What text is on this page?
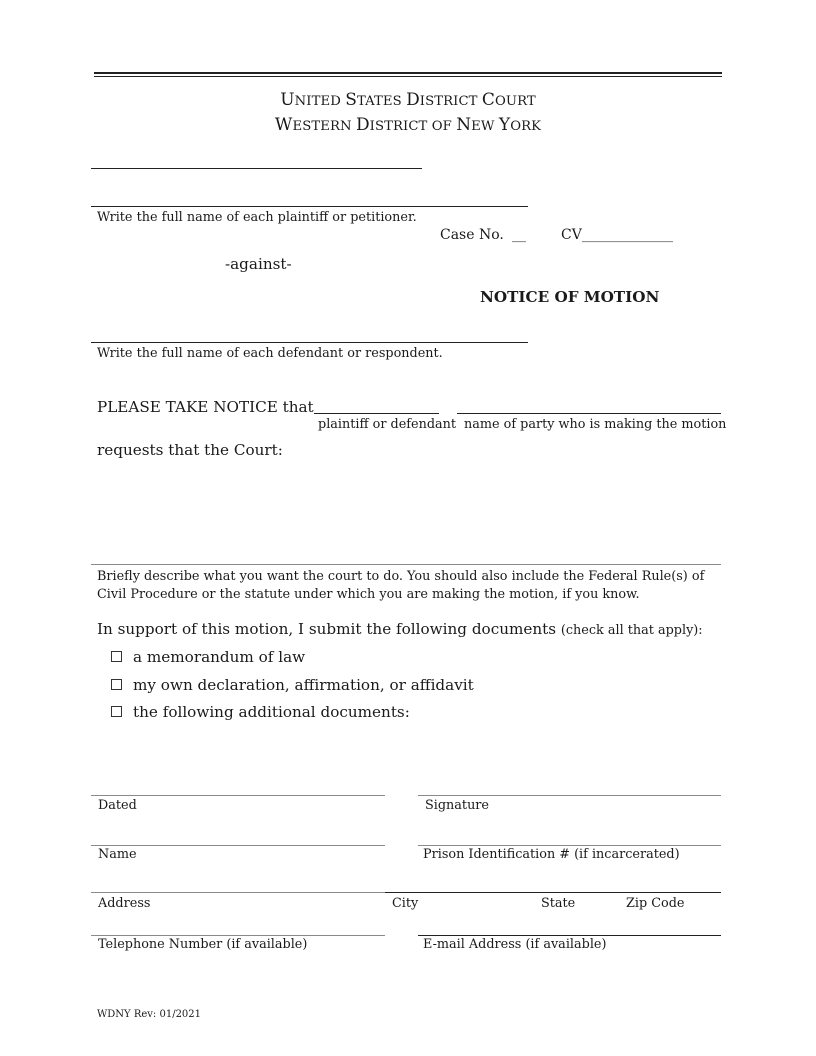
UNITED STATES DISTRICT COURT
WESTERN DISTRICT OF NEW YORK
Write the full name of each plaintiff or petitioner.
Case No. __	CV _____________
-against-
NOTICE OF MOTION
Write the full name of each defendant or respondent.
PLEASE TAKE NOTICE that
plaintiff or defendant name of party who is making the motion
requests that the Court:
Briefly describe what you want the court to do. You should also include the Federal Rule(s) of Civil Procedure or the statute under which you are making the motion, if you know.
In support of this motion, I submit the following documents (check all that apply):
a memorandum of law
my own declaration, affirmation, or affidavit
the following additional documents:
Dated	Signature
Name	Prison Identification # (if incarcerated)
Address	City	State	Zip Code
Telephone Number (if available)	E-mail Address (if available)
WDNY Rev: 01/2021
